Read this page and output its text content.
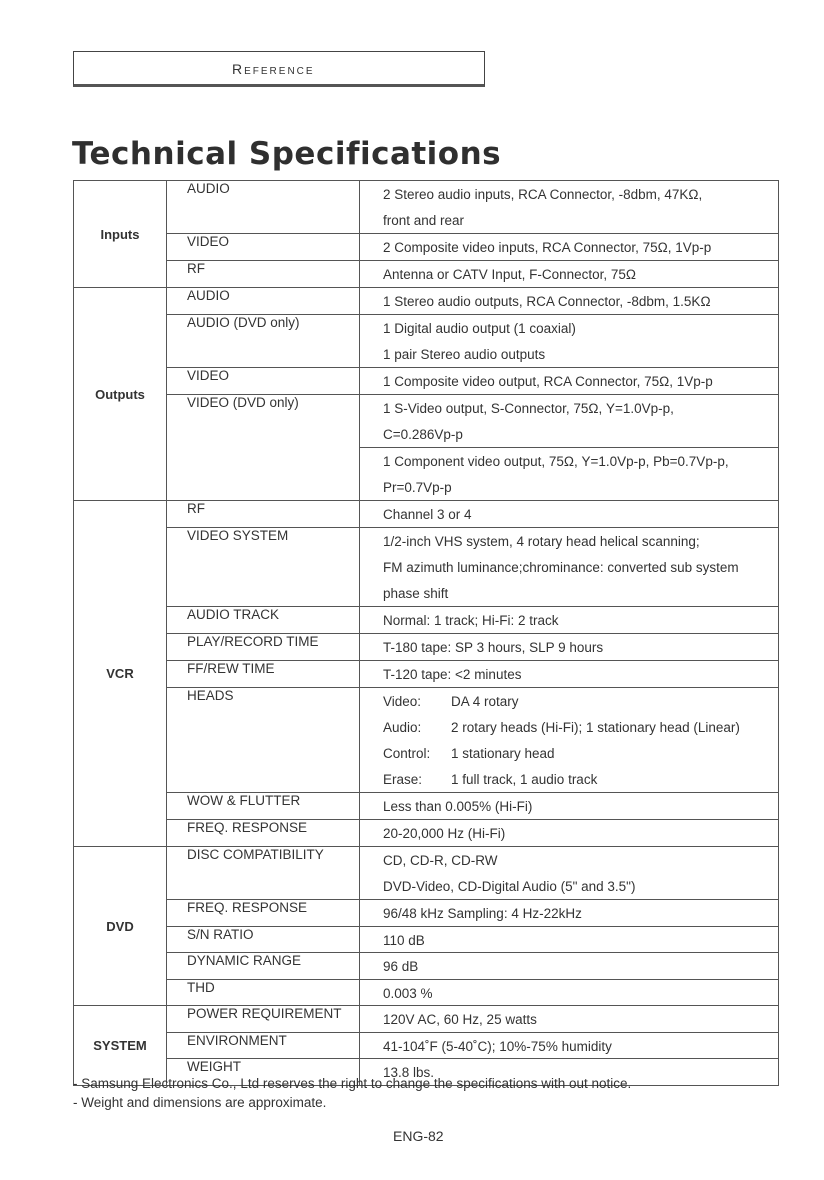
Reference
Technical Specifications
Inputs	AUDIO	2 Stereo audio inputs, RCA Connector, -8dbm, 47KΩ,
front and rear

	VIDEO	2 Composite video inputs, RCA Connector, 75Ω, 1Vp-p

	RF	Antenna or CATV Input, F-Connector, 75Ω

Outputs	AUDIO	1 Stereo audio outputs, RCA Connector, -8dbm, 1.5KΩ

	AUDIO (DVD only)	1 Digital audio output (1 coaxial)
1 pair Stereo audio outputs

	VIDEO	1 Composite video output, RCA Connector, 75Ω, 1Vp-p

	VIDEO (DVD only)	1 S-Video output, S-Connector, 75Ω, Y=1.0Vp-p,
C=0.286Vp-p
1 Component video output, 75Ω, Y=1.0Vp-p, Pb=0.7Vp-p,
Pr=0.7Vp-p

VCR	RF	Channel 3 or 4

	VIDEO SYSTEM	1/2-inch VHS system, 4 rotary head helical scanning;
FM azimuth luminance;chrominance: converted sub system
phase shift

	AUDIO TRACK	Normal: 1 track; Hi-Fi: 2 track

	PLAY/RECORD TIME	T-180 tape: SP 3 hours, SLP 9 hours

	FF/REW TIME	T-120 tape: <2 minutes

	HEADS	Video: DA 4 rotary
Audio: 2 rotary heads (Hi-Fi); 1 stationary head (Linear)
Control: 1 stationary head
Erase: 1 full track, 1 audio track

	WOW & FLUTTER	Less than 0.005% (Hi-Fi)

	FREQ. RESPONSE	20-20,000 Hz (Hi-Fi)

DVD	DISC COMPATIBILITY	CD, CD-R, CD-RW
DVD-Video, CD-Digital Audio (5" and 3.5")

	FREQ. RESPONSE	96/48 kHz Sampling: 4 Hz-22kHz

	S/N RATIO	110 dB

	DYNAMIC RANGE	96 dB

	THD	0.003 %

SYSTEM	POWER REQUIREMENT	120V AC, 60 Hz, 25 watts

	ENVIRONMENT	41-104˚F (5-40˚C); 10%-75% humidity

	WEIGHT	13.8 lbs.
- Samsung Electronics Co., Ltd reserves the right to change the specifications with out notice.
- Weight and dimensions are approximate.
ENG-82
